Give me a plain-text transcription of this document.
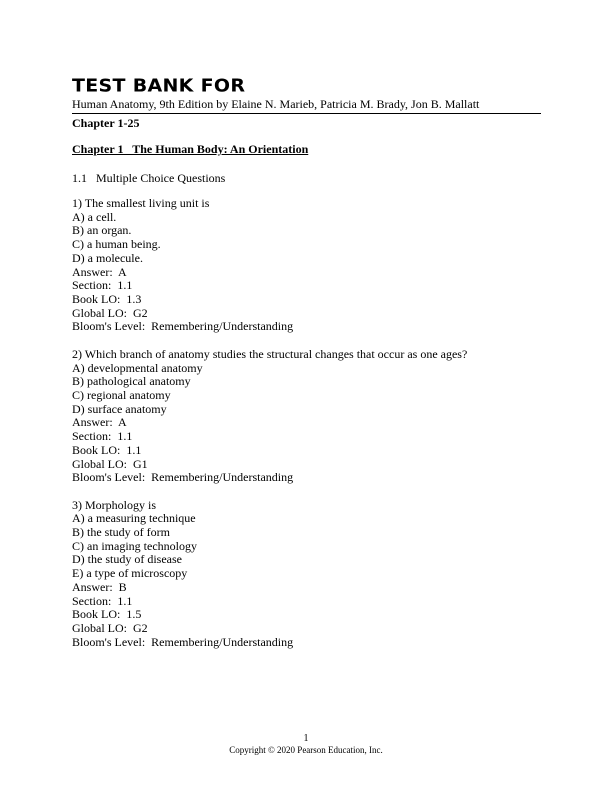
TEST BANK FOR
Human Anatomy, 9th Edition by Elaine N. Marieb, Patricia M. Brady, Jon B. Mallatt
Chapter 1-25
Chapter 1   The Human Body: An Orientation
1.1   Multiple Choice Questions
1) The smallest living unit is
A) a cell.
B) an organ.
C) a human being.
D) a molecule.
Answer:  A
Section:  1.1
Book LO:  1.3
Global LO:  G2
Bloom's Level:  Remembering/Understanding
2) Which branch of anatomy studies the structural changes that occur as one ages?
A) developmental anatomy
B) pathological anatomy
C) regional anatomy
D) surface anatomy
Answer:  A
Section:  1.1
Book LO:  1.1
Global LO:  G1
Bloom's Level:  Remembering/Understanding
3) Morphology is
A) a measuring technique
B) the study of form
C) an imaging technology
D) the study of disease
E) a type of microscopy
Answer:  B
Section:  1.1
Book LO:  1.5
Global LO:  G2
Bloom's Level:  Remembering/Understanding
1
Copyright © 2020 Pearson Education, Inc.
